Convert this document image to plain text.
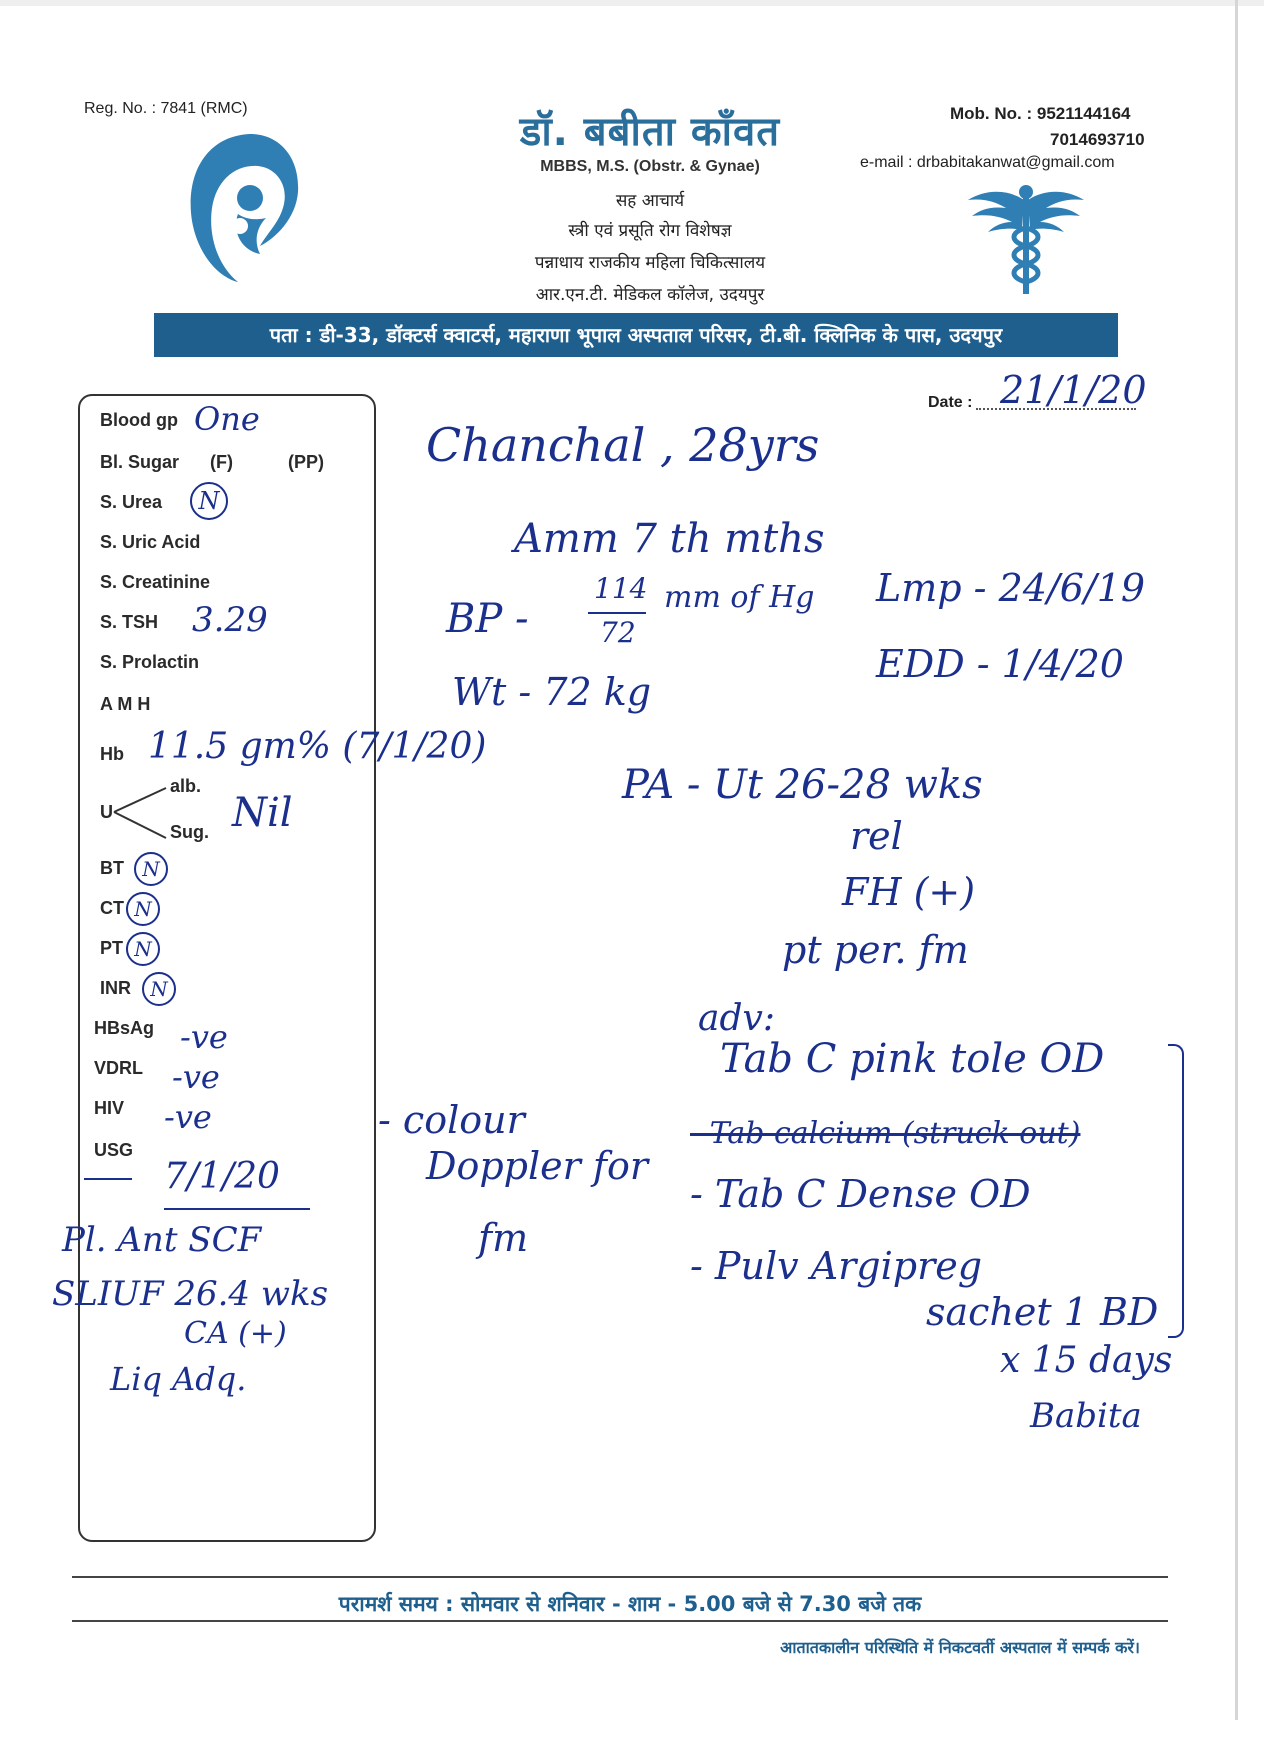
Reg. No. : 7841 (RMC)
डॉ. बबीता काँवत
MBBS, M.S. (Obstr. & Gynae)
सह आचार्य
स्त्री एवं प्रसूति रोग विशेषज्ञ
पन्नाधाय राजकीय महिला चिकित्सालय
आर.एन.टी. मेडिकल कॉलेज, उदयपुर
Mob. No. : 9521144164
7014693710
e-mail : drbabitakanwat@gmail.com
पता : डी-33, डॉक्टर्स क्वाटर्स, महाराणा भूपाल अस्पताल परिसर, टी.बी. क्लिनिक के पास, उदयपुर
Date : 21/1/20
Blood gp
Bl. Sugar (F)	(PP)
S. Urea
S. Uric Acid
S. Creatinine
S. TSH
S. Prolactin
A M H
Hb
U
alb.
Sug.
BT
CT
PT
INR
HBsAg
VDRL
HIV
USG
One
N
3.29
11.5 gm% (7/1/20)
Nil
N
N
N
N
-ve
-ve
-ve
7/1/20
Pl. Ant SCF
SLIUF 26.4 wks
CA (+)
Liq Adq.
Chanchal , 28yrs
Amm 7 th mths
BP -
114
72
mm of Hg
Wt - 72 kg
Lmp - 24/6/19
EDD - 1/4/20
PA - Ut 26-28 wks
rel
FH (+)
pt per. fm
adv:
- colour
Doppler for
fm
Tab C pink tole OD
- Tab calcium (struck out)
- Tab C Dense OD
- Pulv Argipreg
sachet 1 BD
x 15 days
Babita
परामर्श समय : सोमवार से शनिवार - शाम - 5.00 बजे से 7.30 बजे तक
आतातकालीन परिस्थिति में निकटवर्ती अस्पताल में सम्पर्क करें।
